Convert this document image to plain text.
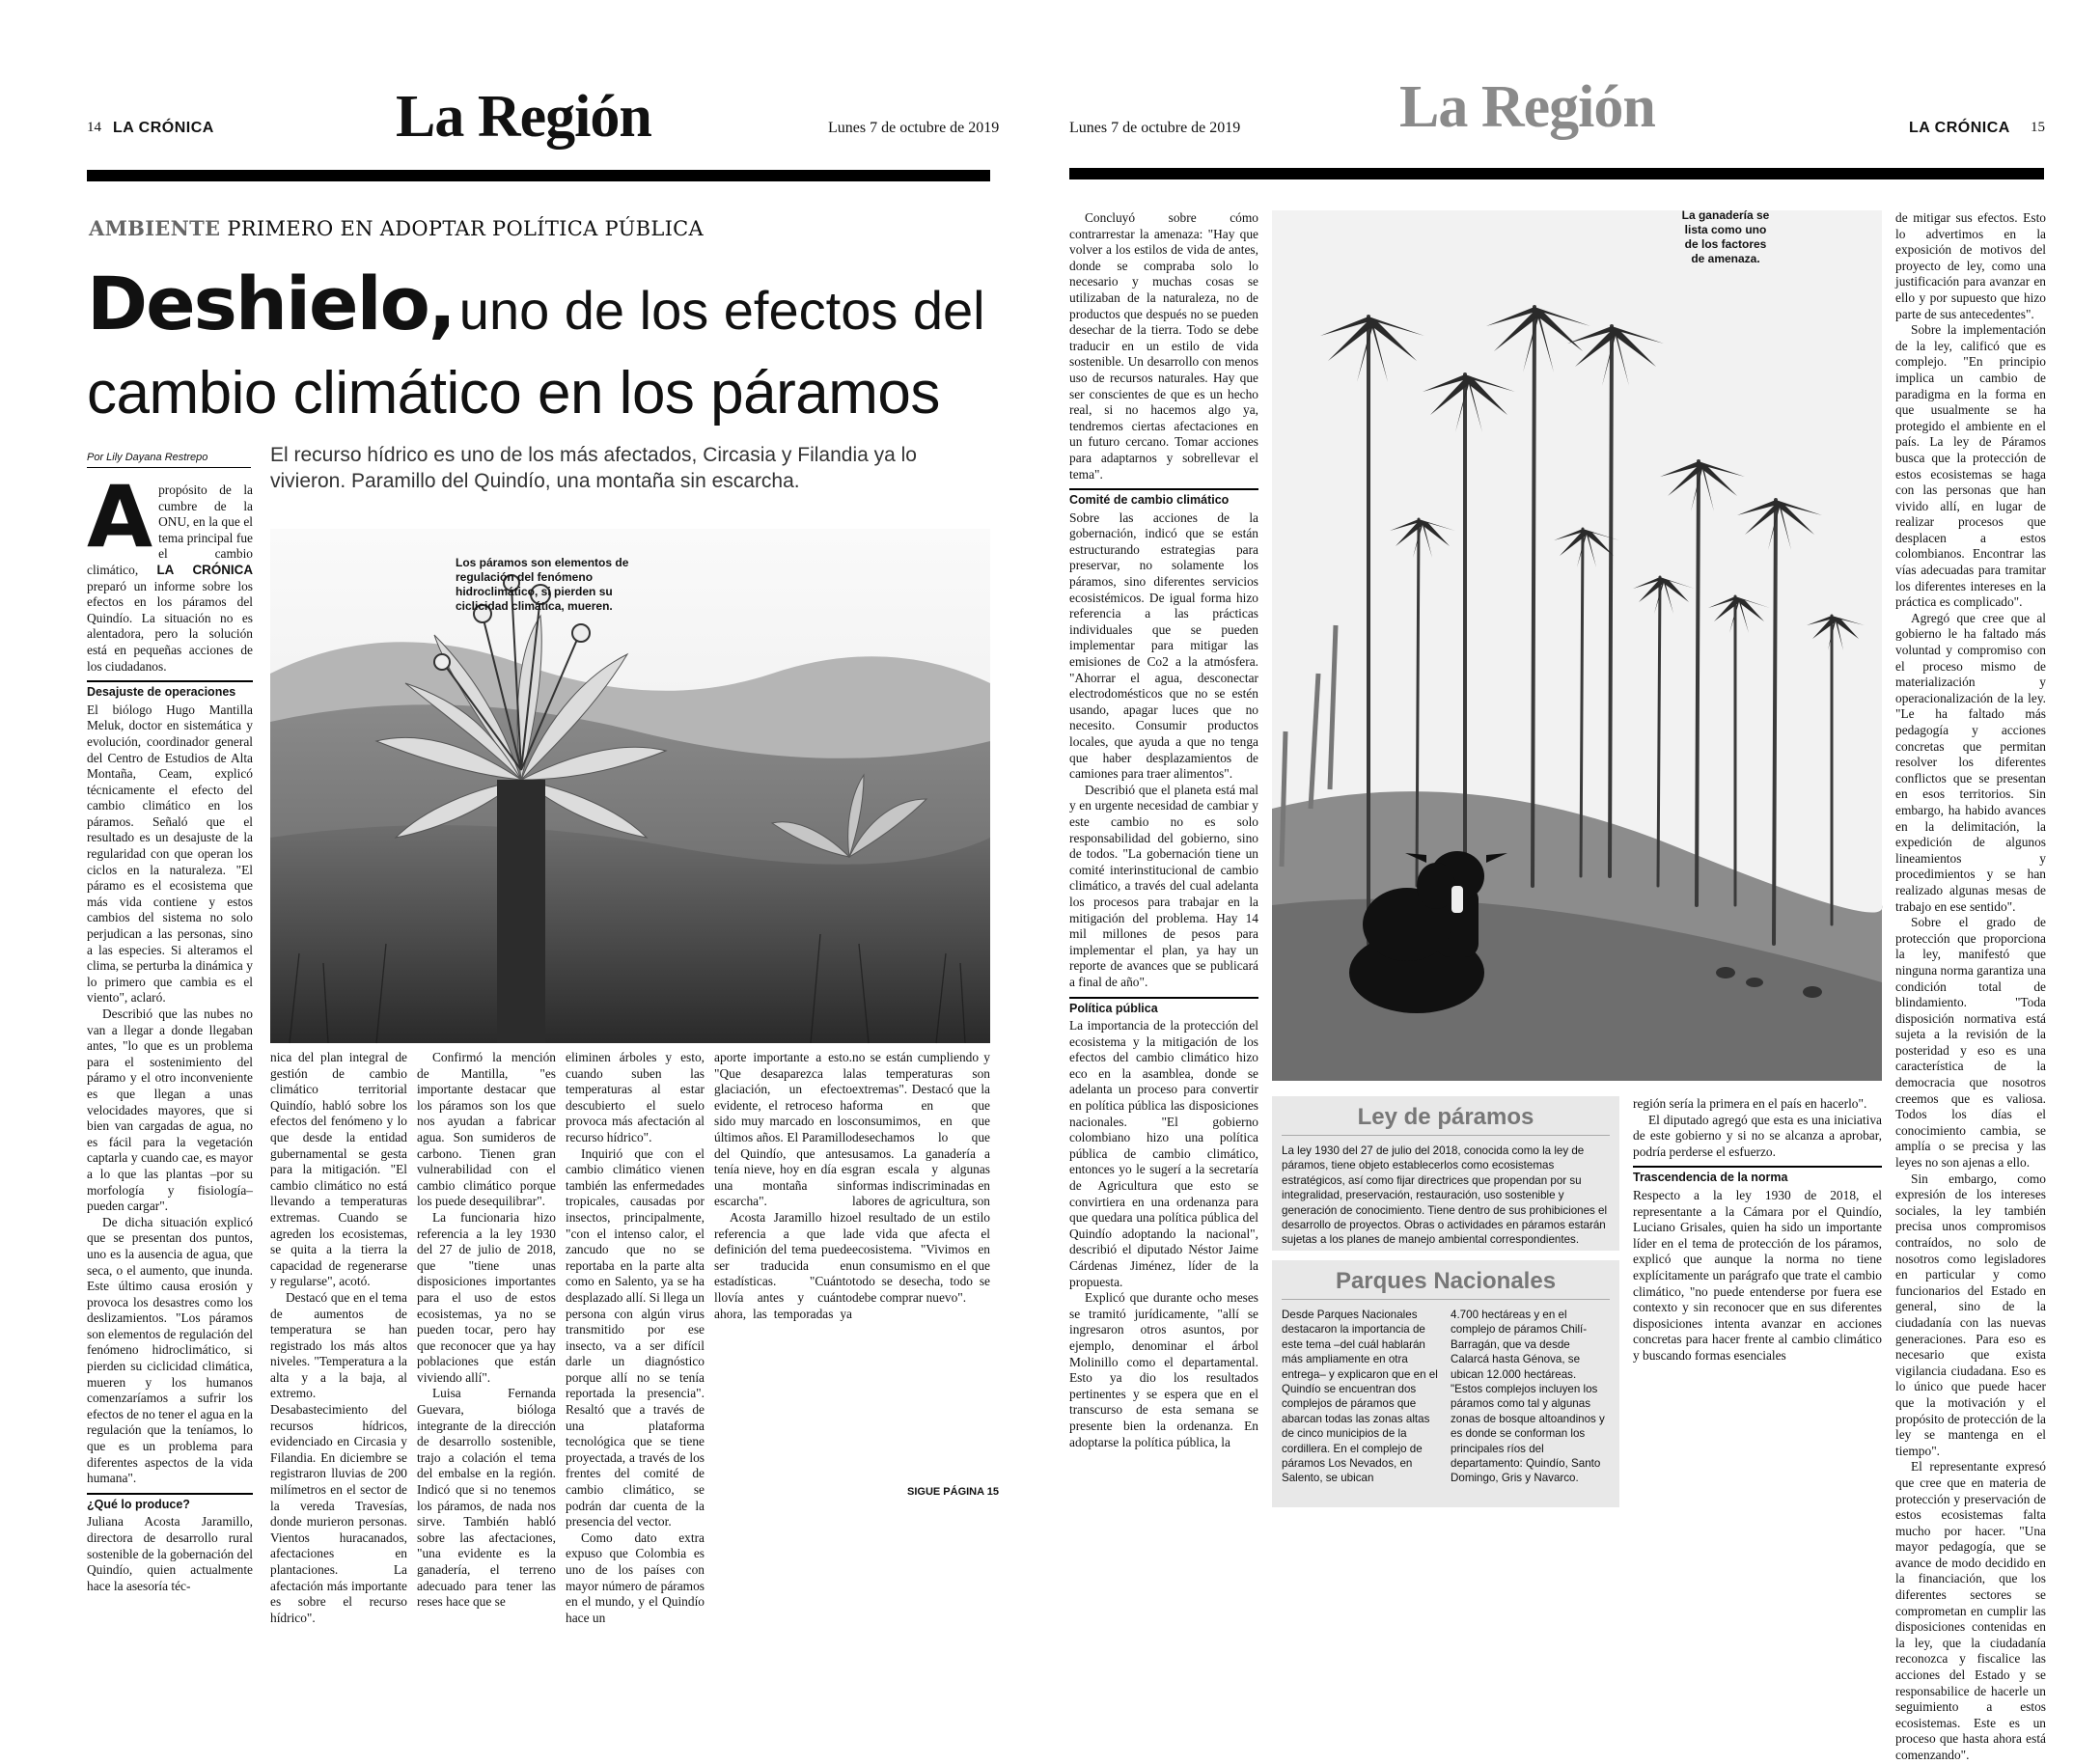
14 LA CRÓNICA	La Región	Lunes 7 de octubre de 2019
AMBIENTE PRIMERO EN ADOPTAR POLÍTICA PÚBLICA
Deshielo, uno de los efectos del
cambio climático en los páramos
Por Lily Dayana Restrepo	El recurso hídrico es uno de los más afectados, Circasia y Filandia ya lo vivieron. Paramillo del Quindío, una montaña sin escarcha.

A propósito de la cumbre de la ONU, en la que el tema principal fue el cambio climático, LA CRÓNICA preparó un informe sobre los efectos en los páramos del Quindío. La situación no es alentadora, pero la solución está en pequeñas acciones de los ciudadanos.

Desajuste de operaciones

El biólogo Hugo Mantilla Meluk, doctor en sistemática y evolución, coordinador general del Centro de Estudios de Alta Montaña, Ceam, explicó técnicamente el efecto del cambio climático en los páramos. Señaló que el resultado es un desajuste de la regularidad con que operan los ciclos en la naturaleza. "El páramo es el ecosistema que más vida contiene y estos cambios del sistema no solo perjudican a las personas, sino a las especies. Si alteramos el clima, se perturba la dinámica y lo primero que cambia es el viento", aclaró.

Describió que las nubes no van a llegar a donde llegaban antes, "lo que es un problema para el sostenimiento del páramo y el otro inconveniente es que llegan a unas velocidades mayores, que si bien van cargadas de agua, no es fácil para la vegetación captarla y cuando cae, es mayor a lo que las plantas –por su morfología y fisiología– pueden cargar".

De dicha situación explicó que se presentan dos puntos, uno es la ausencia de agua, que seca, o el aumento, que inunda. Este último causa erosión y provoca los desastres como los deslizamientos. "Los páramos son elementos de regulación del fenómeno hidroclimático, si pierden su ciclicidad climática, mueren y los humanos comenzaríamos a sufrir los efectos de no tener el agua en la regulación que la teníamos, lo que es un problema para diferentes aspectos de la vida humana".

¿Qué lo produce?

Juliana Acosta Jaramillo, directora de desarrollo rural sostenible de la gobernación del Quindío, quien actualmente hace la asesoría téc-

Los páramos son elementos de regulación del fenómeno hidroclimático, si pierden su ciclicidad climática, mueren.

nica del plan integral de gestión de cambio climático territorial Quindío, habló sobre los efectos del fenómeno y lo que desde la entidad gubernamental se gesta para la mitigación. "El cambio climático no está llevando a temperaturas extremas. Cuando se agreden los ecosistemas, se quita a la tierra la capacidad de regenerarse y regularse", acotó.

Destacó que en el tema de aumentos de temperatura se han registrado los más altos niveles. "Temperatura a la alta y a la baja, al extremo. Desabastecimiento del recursos hídricos, evidenciado en Circasia y Filandia. En diciembre se registraron lluvias de 200 milímetros en el sector de la vereda Travesías, donde murieron personas. Vientos huracanados, afectaciones en plantaciones. La afectación más importante es sobre el recurso hídrico".

Confirmó la mención de Mantilla, "es importante destacar que los páramos son los que nos ayudan a fabricar agua. Son sumideros de carbono. Tienen gran vulnerabilidad con el cambio climático porque los puede desequilibrar".

La funcionaria hizo referencia a la ley 1930 del 27 de julio de 2018, que "tiene unas disposiciones importantes para el uso de estos ecosistemas, ya no se pueden tocar, pero hay que reconocer que ya hay poblaciones que están viviendo allí".

Luisa Fernanda Guevara, bióloga integrante de la dirección de desarrollo sostenible, trajo a colación el tema del embalse en la región. Indicó que si no tenemos los páramos, de nada nos sirve. También habló sobre las afectaciones, "una evidente es la ganadería, el terreno adecuado para tener las reses hace que se

eliminen árboles y esto, cuando suben las temperaturas al estar descubierto el suelo provoca más afectación al recurso hídrico".

Inquirió que con el cambio climático vienen también las enfermedades tropicales, causadas por insectos, principalmente, "con el intenso calor, el zancudo que no se reportaba en la parte alta como en Salento, ya se ha desplazado allí. Si llega un persona con algún virus transmitido por ese insecto, va a ser difícil darle un diagnóstico porque allí no se tenía reportada la presencia". Resaltó que a través de una plataforma tecnológica que se tiene proyectada, a través de los frentes del comité de cambio climático, se podrán dar cuenta de la presencia del vector.

Como dato extra expuso que Colombia es uno de los países con mayor número de páramos en el mundo, y el Quindío hace un

aporte importante a esto. "Que desaparezca la glaciación, un efecto evidente, el retroceso ha sido muy marcado en los últimos años. El Paramillo del Quindío, que antes tenía nieve, hoy en día es una montaña sin escarcha".

Acosta Jaramillo hizo referencia a que la definición del tema puede ser traducida en estadísticas. "Cuánto llovía antes y cuánto ahora, las temporadas ya no se están cumpliendo y las temperaturas son extremas". Destacó que la forma en que consumimos, en que desechamos lo que usamos. La ganadería a gran escala y algunas formas indiscriminadas en labores de agricultura, son el resultado de un estilo de vida que afecta el ecosistema. "Vivimos en un consumismo en el que todo se desecha, todo se debe comprar nuevo".

SIGUE PÁGINA 15
Lunes 7 de octubre de 2019	La Región	LA CRÓNICA 15

Concluyó sobre cómo contrarrestar la amenaza: "Hay que volver a los estilos de vida de antes, donde se compraba solo lo necesario y muchas cosas se utilizaban de la naturaleza, no de productos que después no se pueden desechar de la tierra. Todo se debe traducir en un estilo de vida sostenible. Un desarrollo con menos uso de recursos naturales. Hay que ser conscientes de que es un hecho real, si no hacemos algo ya, tendremos ciertas afectaciones en un futuro cercano. Tomar acciones para adaptarnos y sobrellevar el tema".

Comité de cambio climático

Sobre las acciones de la gobernación, indicó que se están estructurando estrategias para preservar, no solamente los páramos, sino diferentes servicios ecosistémicos. De igual forma hizo referencia a las prácticas individuales que se pueden implementar para mitigar las emisiones de Co2 a la atmósfera. "Ahorrar el agua, desconectar electrodomésticos que no se estén usando, apagar luces que no necesito. Consumir productos locales, que ayuda a que no tenga que haber desplazamientos de camiones para traer alimentos".

Describió que el planeta está mal y en urgente necesidad de cambiar y este cambio no es solo responsabilidad del gobierno, sino de todos. "La gobernación tiene un comité interinstitucional de cambio climático, a través del cual adelanta los procesos para trabajar en la mitigación del problema. Hay 14 mil millones de pesos para implementar el plan, ya hay un reporte de avances que se publicará a final de año".

Política pública

La importancia de la protección del ecosistema y la mitigación de los efectos del cambio climático hizo eco en la asamblea, donde se adelanta un proceso para convertir en política pública las disposiciones nacionales. "El gobierno colombiano hizo una política pública de cambio climático, entonces yo le sugerí a la secretaría de Agricultura que esto se convirtiera en una ordenanza para que quedara una política pública del Quindío adoptando la nacional", describió el diputado Néstor Jaime Cárdenas Jiménez, líder de la propuesta.

Explicó que durante ocho meses se tramitó jurídicamente, "allí se ingresaron otros asuntos, por ejemplo, denominar el árbol Molinillo como el departamental. Esto ya dio los resultados pertinentes y se espera que en el transcurso de esta semana se presente bien la ordenanza. En adoptarse la política pública, la

La ganadería se lista como uno de los factores de amenaza.
Ley de páramos
La ley 1930 del 27 de julio del 2018, conocida como la ley de páramos, tiene objeto establecerlos como ecosistemas estratégicos, así como fijar directrices que propendan por su integralidad, preservación, restauración, uso sostenible y generación de conocimiento. Tiene dentro de sus prohibiciones el desarrollo de proyectos. Obras o actividades en páramos estarán sujetas a los planes de manejo ambiental correspondientes.
Parques Nacionales
Desde Parques Nacionales destacaron la importancia de este tema –del cuál hablarán más ampliamente en otra entrega– y explicaron que en el Quindío se encuentran dos complejos de páramos que abarcan todas las zonas altas de cinco municipios de la cordillera. En el complejo de páramos Los Nevados, en Salento, se ubican
4.700 hectáreas y en el complejo de páramos Chilí-Barragán, que va desde Calarcá hasta Génova, se ubican 12.000 hectáreas.
"Estos complejos incluyen los páramos como tal y algunas zonas de bosque altoandinos y es donde se conforman los principales ríos del departamento: Quindío, Santo Domingo, Gris y Navarco.

región sería la primera en el país en hacerlo".

El diputado agregó que esta es una iniciativa de este gobierno y si no se alcanza a aprobar, podría perderse el esfuerzo.

Trascendencia de la norma

Respecto a la ley 1930 de 2018, el representante a la Cámara por el Quindío, Luciano Grisales, quien ha sido un importante líder en el tema de protección de los páramos, explicó que aunque la norma no tiene explícitamente un parágrafo que trate el cambio climático, "no puede entenderse por fuera ese contexto y sin reconocer que en sus diferentes disposiciones intenta avanzar en acciones concretas para hacer frente al cambio climático y buscando formas esenciales

de mitigar sus efectos. Esto lo advertimos en la exposición de motivos del proyecto de ley, como una justificación para avanzar en ello y por supuesto que hizo parte de sus antecedentes".

Sobre la implementación de la ley, calificó que es complejo. "En principio implica un cambio de paradigma en la forma en que usualmente se ha protegido el ambiente en el país. La ley de Páramos busca que la protección de estos ecosistemas se haga con las personas que han vivido allí, en lugar de realizar procesos que desplacen a estos colombianos. Encontrar las vías adecuadas para tramitar los diferentes intereses en la práctica es complicado".

Agregó que cree que al gobierno le ha faltado más voluntad y compromiso con el proceso mismo de materialización y operacionalización de la ley. "Le ha faltado más pedagogía y acciones concretas que permitan resolver los diferentes conflictos que se presentan en esos territorios. Sin embargo, ha habido avances en la delimitación, la expedición de algunos lineamientos y procedimientos y se han realizado algunas mesas de trabajo en ese sentido".

Sobre el grado de protección que proporciona la ley, manifestó que ninguna norma garantiza una condición total de blindamiento. "Toda disposición normativa está sujeta a la revisión de la posteridad y eso es una característica de la democracia que nosotros creemos que es valiosa. Todos los días el conocimiento cambia, se amplía o se precisa y las leyes no son ajenas a ello.

Sin embargo, como expresión de los intereses sociales, la ley también precisa unos compromisos contraídos, no solo de nosotros como legisladores en particular y como funcionarios del Estado en general, sino de la ciudadanía con las nuevas generaciones. Para eso es necesario que exista vigilancia ciudadana. Eso es lo único que puede hacer que la motivación y el propósito de protección de la ley se mantenga en el tiempo".

El representante expresó que cree que en materia de protección y preservación de estos ecosistemas falta mucho por hacer. "Una mayor pedagogía, que se avance de modo decidido en la financiación, que los diferentes sectores se comprometan en cumplir las disposiciones contenidas en la ley, que la ciudadanía reconozca y fiscalice las acciones del Estado y se responsabilice de hacerle un seguimiento a estos ecosistemas. Este es un proceso que hasta ahora está comenzando".
